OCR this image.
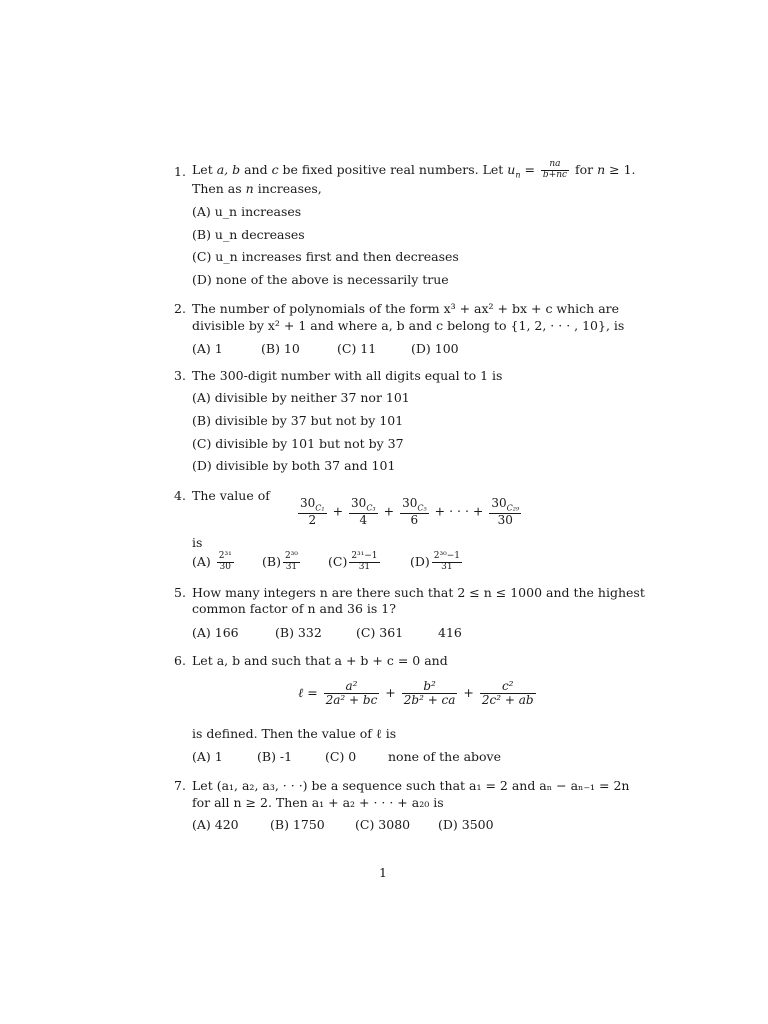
1. Let a, b and c be fixed positive real numbers. Let $u_n = \frac{na}{b+nc}$ for n ≥ 1.
Then as n increases,
(A) u_n increases
(B) u_n decreases
(C) u_n increases first and then decreases
(D) none of the above is necessarily true
2. The number of polynomials of the form x³ + ax² + bx + c which are
divisible by x² + 1 and where a, b and c belong to {1, 2, · · · , 10}, is
(A) 1	(B) 10	(C) 11	(D) 100
3. The 300-digit number with all digits equal to 1 is
(A) divisible by neither 37 nor 101
(B) divisible by 37 but not by 101
(C) divisible by 101 but not by 37
(D) divisible by both 37 and 101
4. The value of
$\frac{30_{C_1}}{2} + \frac{30_{C_3}}{4} + \frac{30_{C_5}}{6}$ + · · · + $\frac{30_{C_{29}}}{30}$
is
$(A) \frac{\text{2³¹}}{30} (B) \frac{\text{2³⁰}}{31} (C) \frac{\text{2³¹−1}}{31} (D) \frac{\text{2³⁰−1}}{31}$
5. How many integers n are there such that 2 ≤ n ≤ 1000 and the highest
common factor of n and 36 is 1?
(A) 166	(B) 332	(C) 361	416
6. Let a, b and such that a + b + c = 0 and
ℓ = $\frac{\text{a²}}{\text{2a² + bc}} + \frac{\text{b²}}{\text{2b² + ca}} + \frac{\text{c²}}{\text{2c² + ab}}$
is defined. Then the value of ℓ is
(A) 1	(B) -1	(C) 0	none of the above
7. Let (a₁, a₂, a₃, · · ·) be a sequence such that a₁ = 2 and aₙ − aₙ₋₁ = 2n
for all n ≥ 2. Then a₁ + a₂ + · · · + a₂₀ is
(A) 420	(B) 1750 (C) 3080 (D) 3500
1
